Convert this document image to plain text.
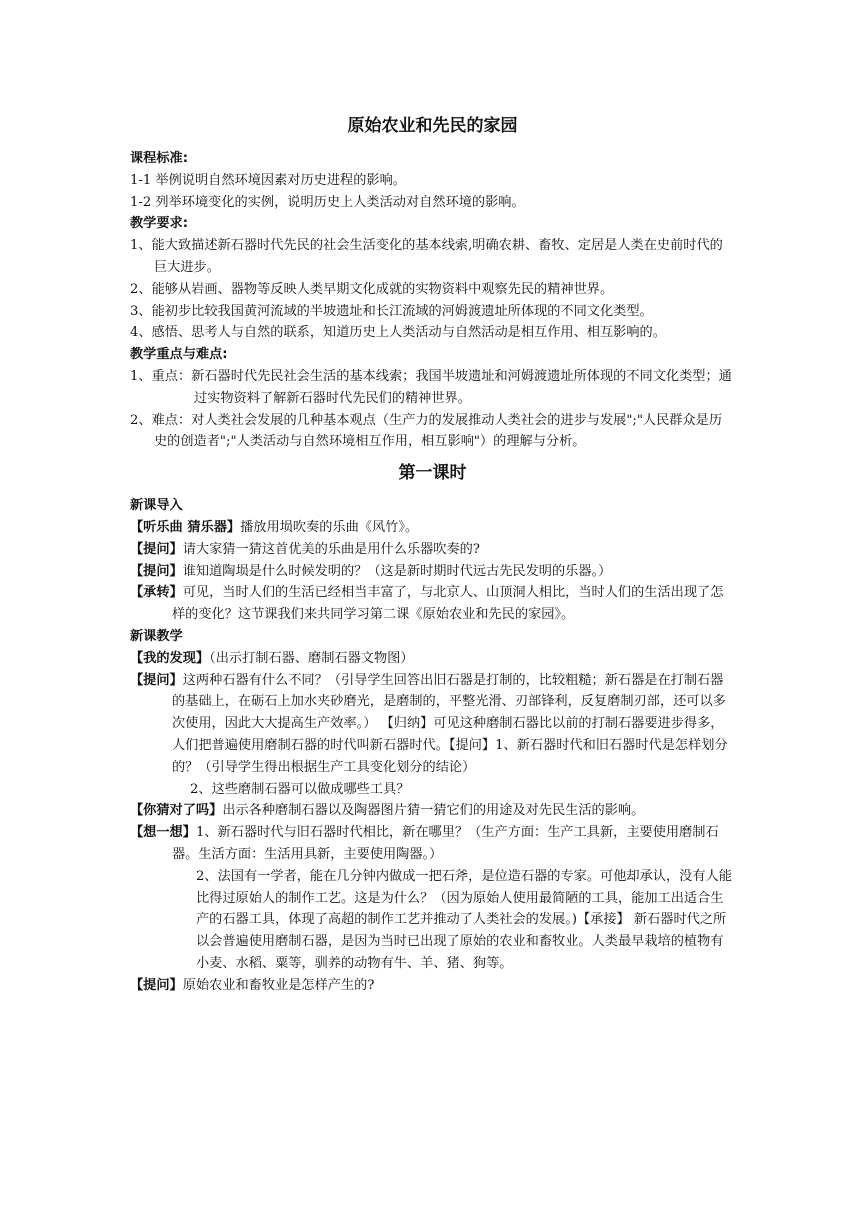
原始农业和先民的家园
课程标准:
1-1 举例说明自然环境因素对历史进程的影响。
1-2 列举环境变化的实例，说明历史上人类活动对自然环境的影响。
教学要求:
1、能大致描述新石器时代先民的社会生活变化的基本线索,明确农耕、畜牧、定居是人类在史前时代的巨大进步。
2、能够从岩画、器物等反映人类早期文化成就的实物资料中观察先民的精神世界。
3、能初步比较我国黄河流域的半坡遗址和长江流域的河姆渡遗址所体现的不同文化类型。
4、感悟、思考人与自然的联系，知道历史上人类活动与自然活动是相互作用、相互影响的。
教学重点与难点:
1、重点：新石器时代先民社会生活的基本线索；我国半坡遗址和河姆渡遗址所体现的不同文化类型；通过实物资料了解新石器时代先民们的精神世界。
2、难点：对人类社会发展的几种基本观点（生产力的发展推动人类社会的进步与发展";"人民群众是历史的创造者";"人类活动与自然环境相互作用，相互影响"）的理解与分析。
第一课时
新课导入
【听乐曲 猜乐器】播放用埙吹奏的乐曲《风竹》。
【提问】请大家猜一猜这首优美的乐曲是用什么乐器吹奏的?
【提问】谁知道陶埙是什么时候发明的？（这是新时期时代远古先民发明的乐器。）
【承转】可见，当时人们的生活已经相当丰富了，与北京人、山顶洞人相比，当时人们的生活出现了怎样的变化？这节课我们来共同学习第二课《原始农业和先民的家园》。
新课教学
【我的发现】（出示打制石器、磨制石器文物图）
【提问】这两种石器有什么不同？（引导学生回答出旧石器是打制的，比较粗糙；新石器是在打制石器的基础上，在砺石上加水夹砂磨光，是磨制的，平整光滑、刃部锋利，反复磨制刃部，还可以多次使用，因此大大提高生产效率。） 【归纳】可见这种磨制石器比以前的打制石器要进步得多，人们把普遍使用磨制石器的时代叫新石器时代。【提问】1、新石器时代和旧石器时代是怎样划分的？（引导学生得出根据生产工具变化划分的结论）
2、这些磨制石器可以做成哪些工具？
【你猜对了吗】出示各种磨制石器以及陶器图片猜一猜它们的用途及对先民生活的影响。
【想一想】1、新石器时代与旧石器时代相比，新在哪里？（生产方面：生产工具新，主要使用磨制石器。生活方面：生活用具新，主要使用陶器。）
2、法国有一学者，能在几分钟内做成一把石斧，是位造石器的专家。可他却承认，没有人能比得过原始人的制作工艺。这是为什么？（因为原始人使用最简陋的工具，能加工出适合生产的石器工具，体现了高超的制作工艺并推动了人类社会的发展。)【承接】 新石器时代之所以会普遍使用磨制石器，是因为当时已出现了原始的农业和畜牧业。人类最早栽培的植物有小麦、水稻、粟等，驯养的动物有牛、羊、猪、狗等。
【提问】原始农业和畜牧业是怎样产生的?
